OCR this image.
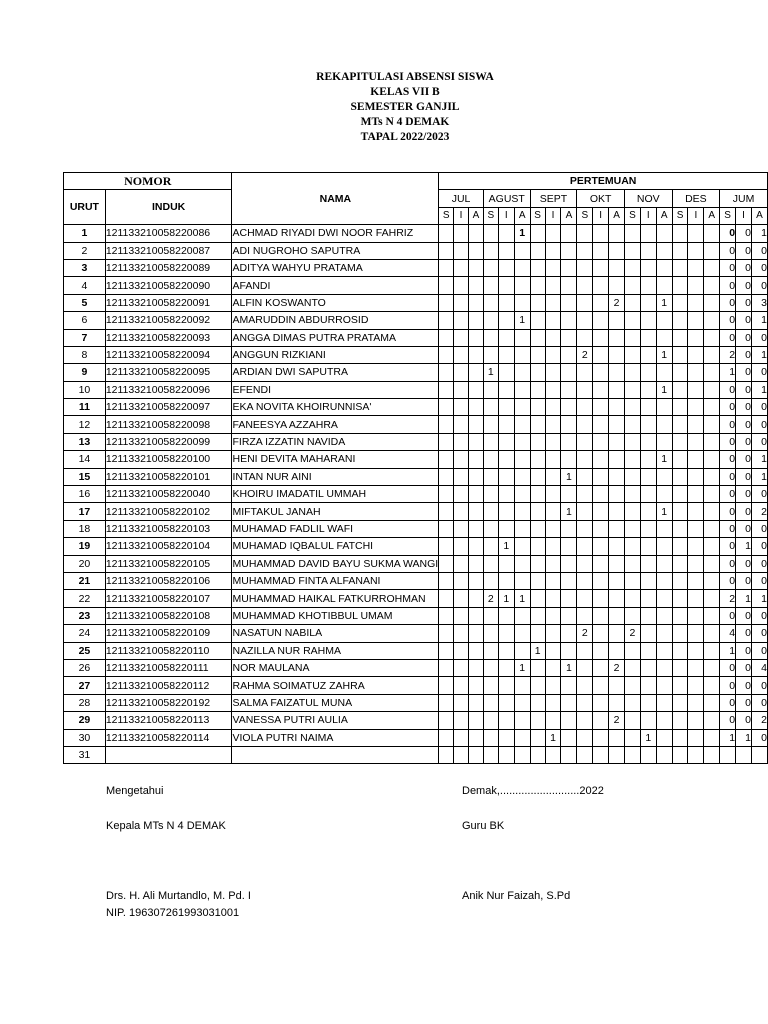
REKAPITULASI ABSENSI SISWA
KELAS VII B
SEMESTER GANJIL
MTs N 4 DEMAK
TAPAL 2022/2023
NOMOR		NAMA	PERTEMUAN																				
URUT	INDUK		JUL			AGUST			SEPT			OKT			NOV			DES			JUM		
			S	I	A	S	I	A	S	I	A	S	I	A	S	I	A	S	I	A	S	I	A
1	121133210058220086	ACHMAD RIYADI DWI NOOR FAHRIZ						1													0	0	1
2	121133210058220087	ADI NUGROHO SAPUTRA																			0	0	0
3	121133210058220089	ADITYA WAHYU PRATAMA																			0	0	0
4	121133210058220090	AFANDI																			0	0	0
5	121133210058220091	ALFIN KOSWANTO												2			1				0	0	3
6	121133210058220092	AMARUDDIN ABDURROSID						1													0	0	1
7	121133210058220093	ANGGA DIMAS PUTRA PRATAMA																			0	0	0
8	121133210058220094	ANGGUN RIZKIANI										2					1				2	0	1
9	121133210058220095	ARDIAN DWI SAPUTRA				1															1	0	0
10	121133210058220096	EFENDI															1				0	0	1
11	121133210058220097	EKA NOVITA KHOIRUNNISA'																			0	0	0
12	121133210058220098	FANEESYA AZZAHRA																			0	0	0
13	121133210058220099	FIRZA IZZATIN NAVIDA																			0	0	0
14	121133210058220100	HENI DEVITA MAHARANI															1				0	0	1
15	121133210058220101	INTAN NUR AINI									1										0	0	1
16	121133210058220040	KHOIRU IMADATIL UMMAH																			0	0	0
17	121133210058220102	MIFTAKUL JANAH									1						1				0	0	2
18	121133210058220103	MUHAMAD FADLIL WAFI																			0	0	0
19	121133210058220104	MUHAMAD IQBALUL FATCHI					1														0	1	0
20	121133210058220105	MUHAMMAD DAVID BAYU SUKMA WANGI																			0	0	0
21	121133210058220106	MUHAMMAD FINTA ALFANANI																			0	0	0
22	121133210058220107	MUHAMMAD HAIKAL FATKURROHMAN				2	1	1													2	1	1
23	121133210058220108	MUHAMMAD KHOTIBBUL UMAM																			0	0	0
24	121133210058220109	NASATUN NABILA										2			2						4	0	0
25	121133210058220110	NAZILLA NUR RAHMA							1												1	0	0
26	121133210058220111	NOR MAULANA						1			1			2							0	0	4
27	121133210058220112	RAHMA SOIMATUZ ZAHRA																			0	0	0
28	121133210058220192	SALMA FAIZATUL MUNA																			0	0	0
29	121133210058220113	VANESSA PUTRI AULIA												2							0	0	2
30	121133210058220114	VIOLA PUTRI NAIMA								1						1					1	1	0
31																							
Mengetahui	Demak,..........................2022
Kepala MTs N 4 DEMAK	Guru BK
Drs. H. Ali Murtandlo, M. Pd. I
NIP. 196307261993031001
Anik Nur Faizah, S.Pd
